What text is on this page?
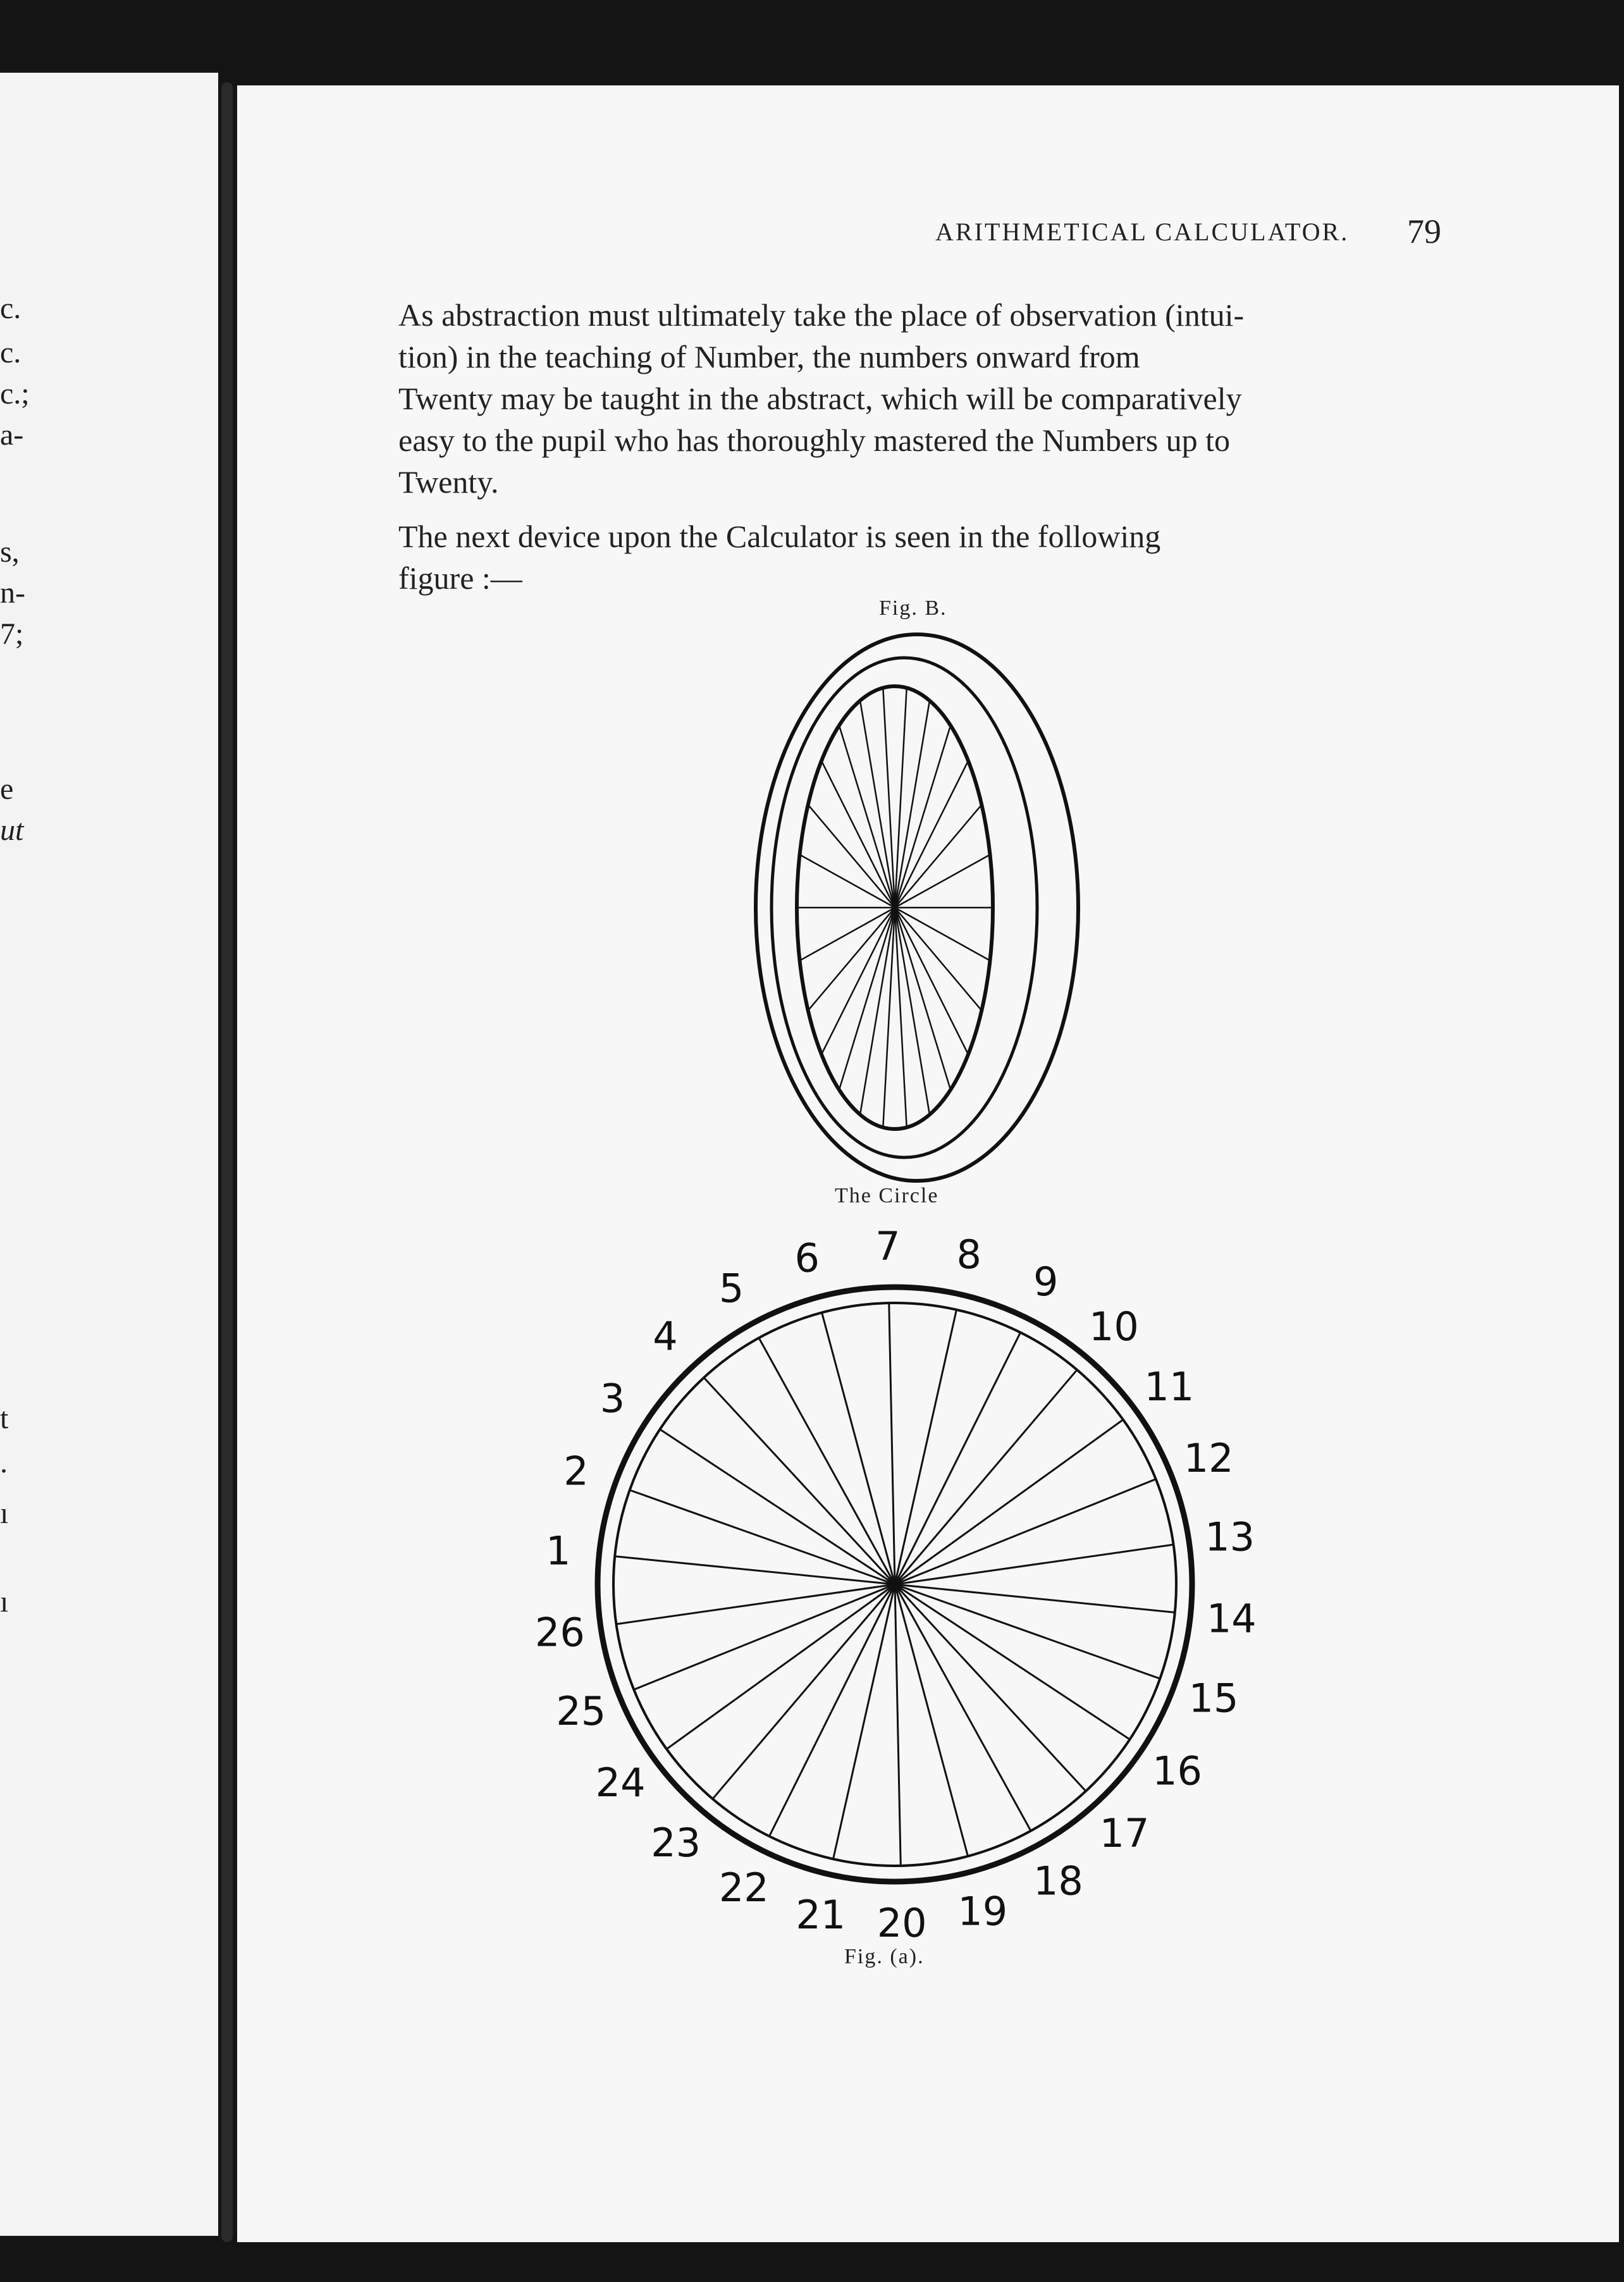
c.
c.
c.;
a-
s,
n-
7;
e
ut
t
.
ı
ı
ARITHMETICAL CALCULATOR. 79
As abstraction must ultimately take the place of observation (intui-
tion) in the teaching of Number, the numbers onward from
Twenty may be taught in the abstract, which will be comparatively
easy to the pupil who has thoroughly mastered the Numbers up to
Twenty.
The next device upon the Calculator is seen in the following
figure :—
Fig. B.
The Circle
1
2
3
4
5
6 7 8
9
10
11
12
13
14
15
16
17
18
19
20
21
22
23
24
25
26
Fig. (a).
